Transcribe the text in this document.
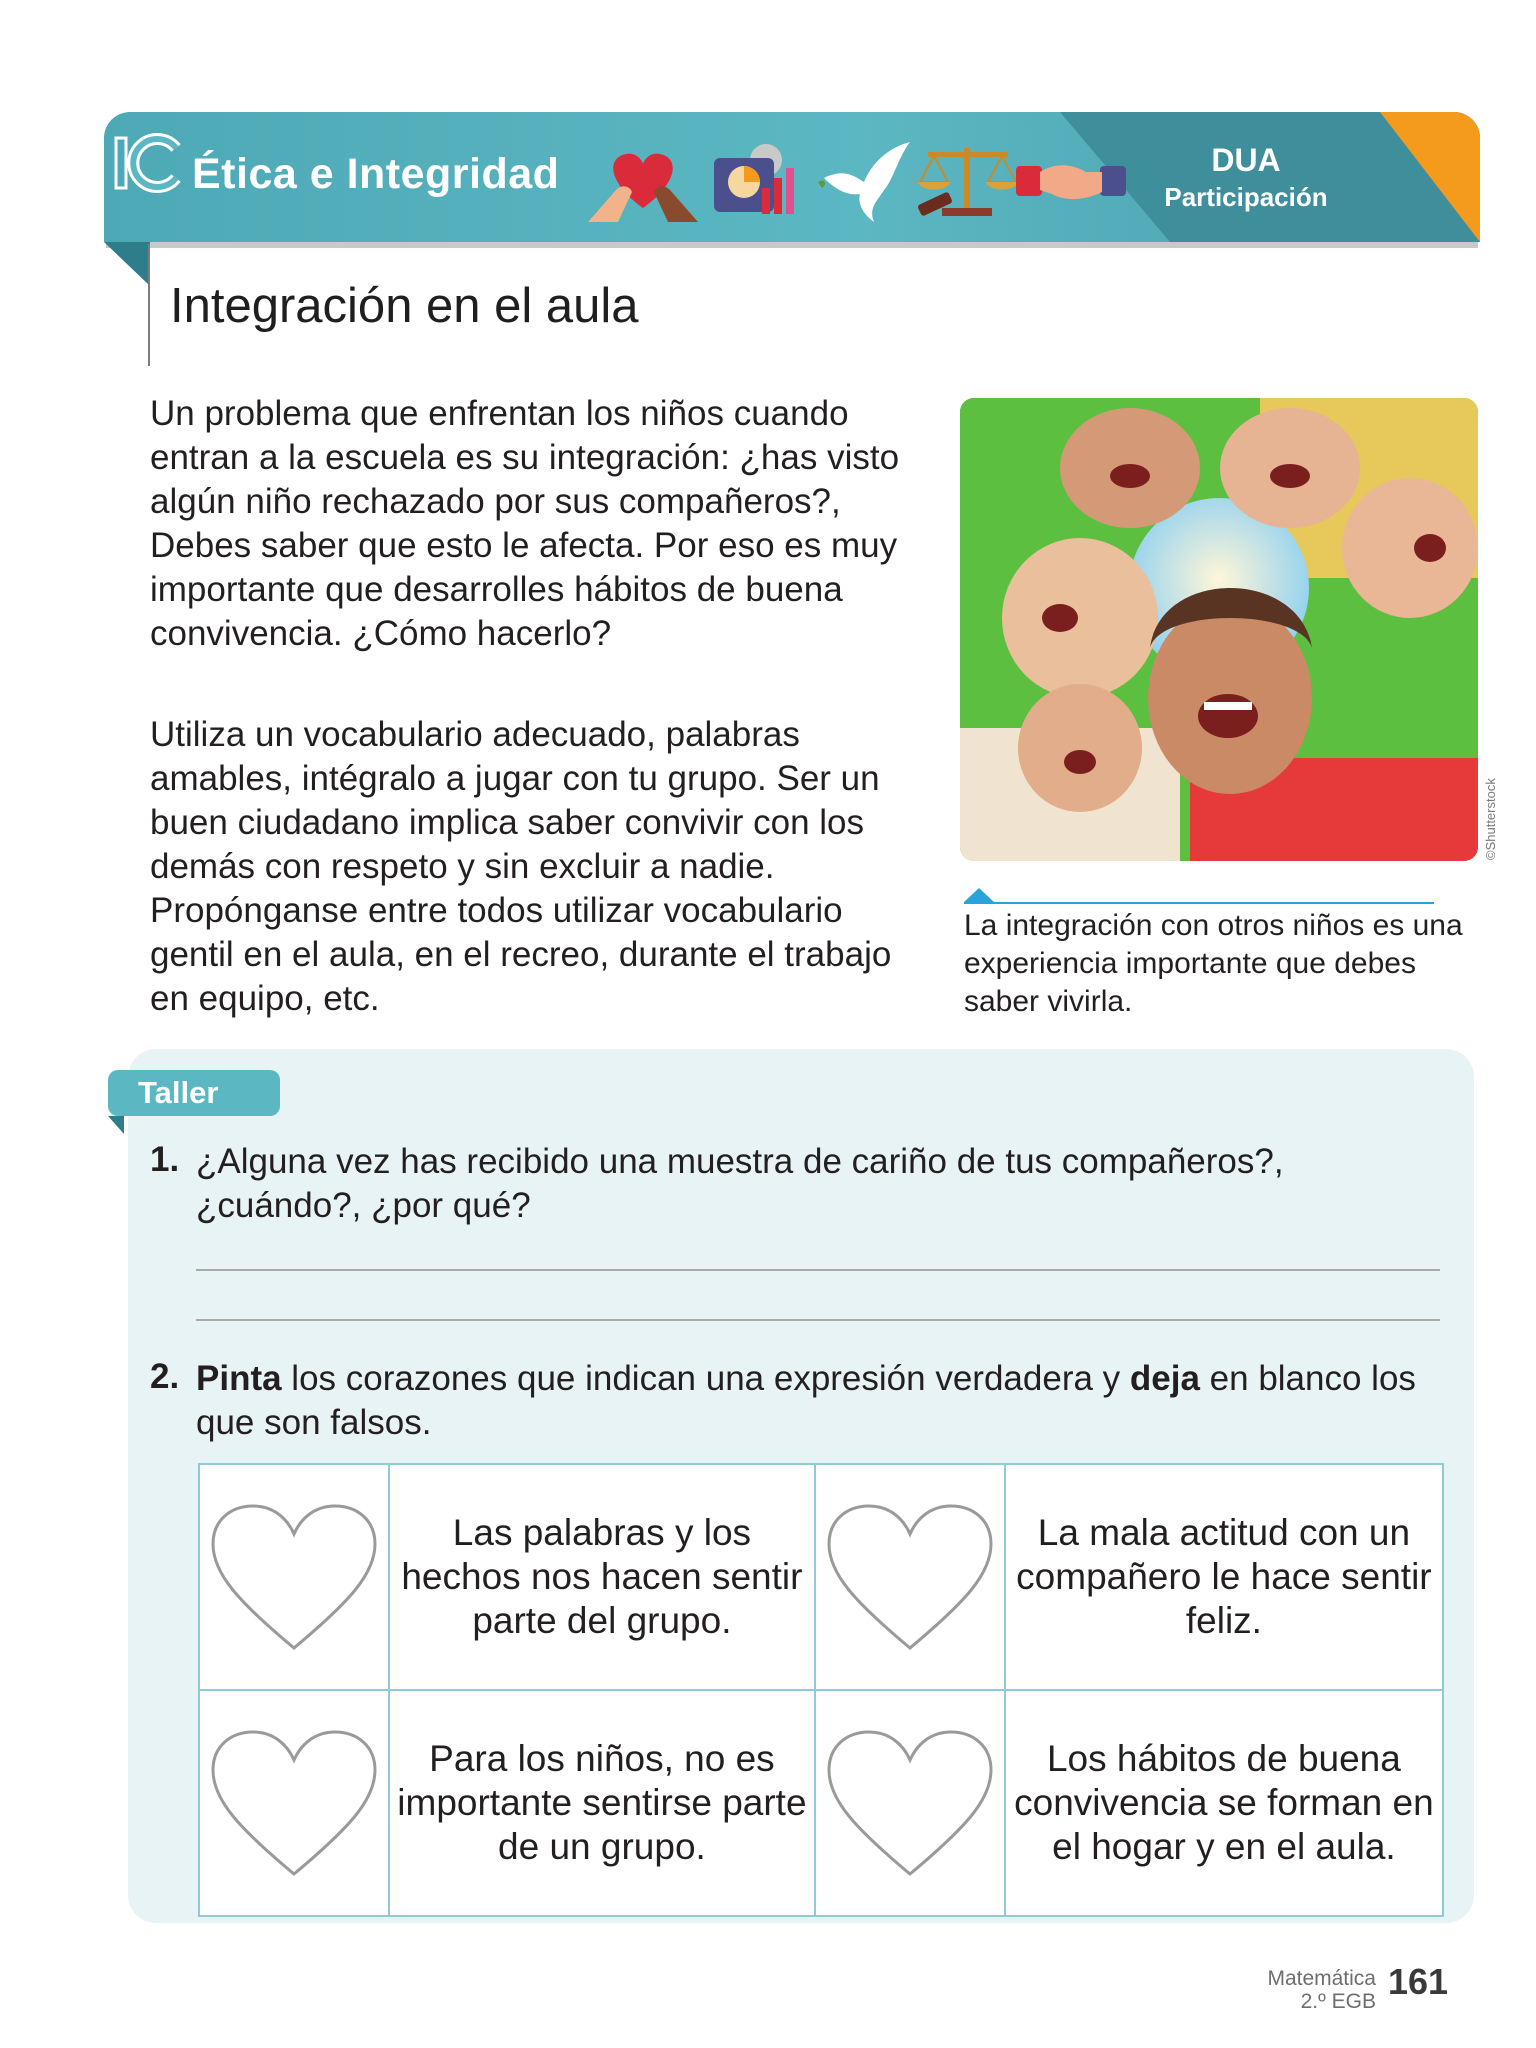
Ética e Integridad	DUA
Participación
Integración en el aula
Un problema que enfrentan los niños cuando entran a la escuela es su integración: ¿has visto algún niño rechazado por sus compañeros?, Debes saber que esto le afecta. Por eso es muy importante que desarrolles hábitos de buena convivencia. ¿Cómo hacerlo?
Utiliza un vocabulario adecuado, palabras amables, intégralo a jugar con tu grupo. Ser un buen ciudadano implica saber convivir con los demás con respeto y sin excluir a nadie. Propónganse entre todos utilizar vocabulario gentil en el aula, en el recreo, durante el trabajo en equipo, etc.
©Shutterstock
La integración con otros niños es una experiencia importante que debes saber vivirla.
Taller
1. ¿Alguna vez has recibido una muestra de cariño de tus compañeros?, ¿cuándo?, ¿por qué?
2. Pinta los corazones que indican una expresión verdadera y deja en blanco los que son falsos.
	Las palabras y los hechos nos hacen sentir parte del grupo.		La mala actitud con un compañero le hace sentir feliz.

	Para los niños, no es importante sentirse parte de un grupo.		Los hábitos de buena convivencia se forman en el hogar y en el aula.
Matemática
2.º EGB 161
